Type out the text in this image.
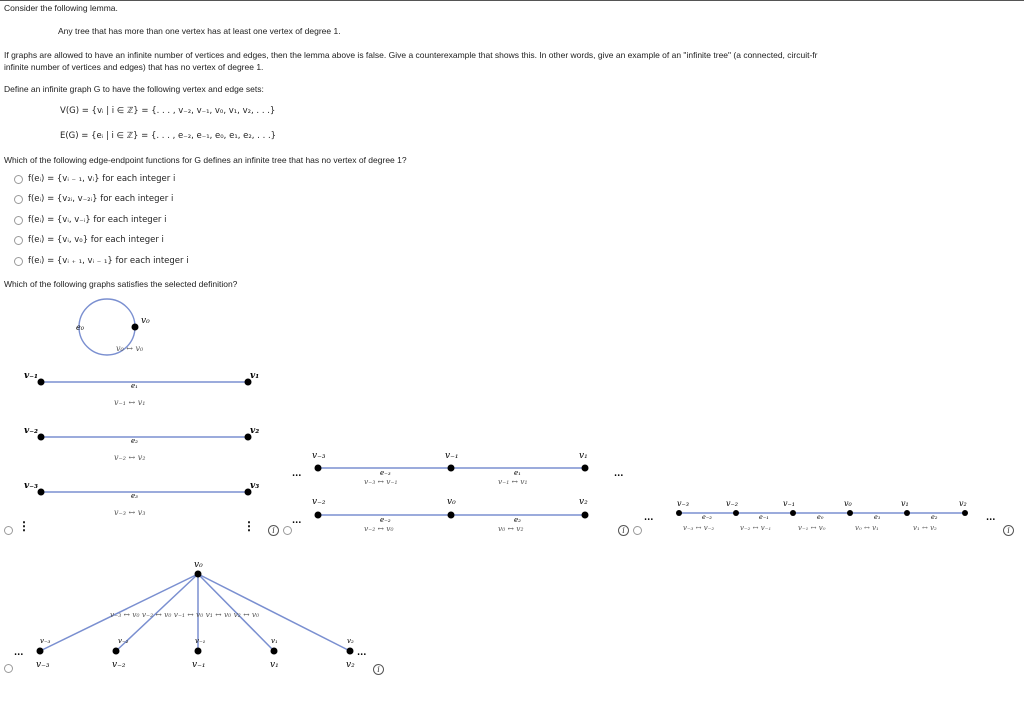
Consider the following lemma.
Any tree that has more than one vertex has at least one vertex of degree 1.
If graphs are allowed to have an infinite number of vertices and edges, then the lemma above is false. Give a counterexample that shows this. In other words, give an example of an "infinite tree" (a connected, circuit-fr
infinite number of vertices and edges) that has no vertex of degree 1.
Define an infinite graph G to have the following vertex and edge sets:
V(G) = {vᵢ | i ∈ ℤ} = {. . . , v₋₂, v₋₁, v₀, v₁, v₂, . . .}
E(G) = {eᵢ | i ∈ ℤ} = {. . . , e₋₂, e₋₁, e₀, e₁, e₂, . . .}
Which of the following edge-endpoint functions for G defines an infinite tree that has no vertex of degree 1?
f(eᵢ) = {vᵢ ₋ ₁, vᵢ} for each integer i
f(eᵢ) = {v₂ᵢ, v₋₂ᵢ} for each integer i
f(eᵢ) = {vᵢ, v₋ᵢ} for each integer i
f(eᵢ) = {vᵢ, v₀} for each integer i
f(eᵢ) = {vᵢ ₊ ₁, vᵢ ₋ ₁} for each integer i
Which of the following graphs satisfies the selected definition?
i	i	i
i
e₀
v₀
v₀ ↔ v₀
v₋₁	v₁
e₁
v₋₁ ↔ v₁
v₋₂	v₂
e₂
v₋₂ ↔ v₂
v₋₃	v₃
e₃
v₋₃ ↔ v₃
⋮	⋮
...	...
v₋₃	v₋₁	v₁
e₋₃
v₋₃ ↔ v₋₁
e₁
v₋₁ ↔ v₁
...
v₋₂	v₀	v₂
e₋₂
v₋₂ ↔ v₀
e₂
v₀ ↔ v₂
...	...
v₋₃	v₋₂	v₋₁	v₀	v₁	v₂
e₋₂
v₋₃ ↔ v₋₂
e₋₁
v₋₂ ↔ v₋₁
e₀
v₋₁ ↔ v₀
e₁
v₀ ↔ v₁
e₂
v₁ ↔ v₂
v₀
v₋₃ ↔ v₀ v₋₂ ↔ v₀ v₋₁ ↔ v₀ v₁ ↔ v₀ v₂ ↔ v₀
v₋₃	v₋₂	v₋₁	v₁	v₂
v₋₃	v₋₂	v₋₁	v₁	v₂
...	...
